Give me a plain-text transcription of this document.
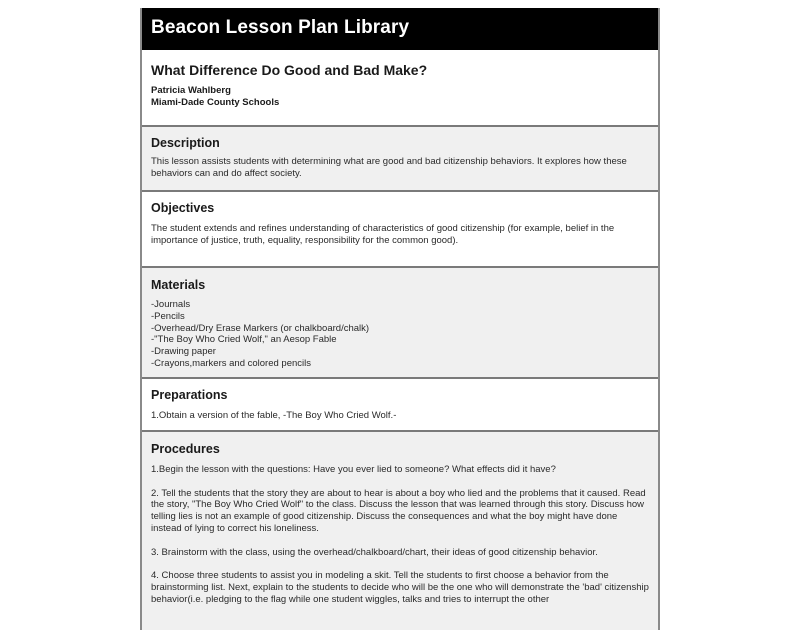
Beacon Lesson Plan Library
What Difference Do Good and Bad Make?
Patricia Wahlberg
Miami-Dade County Schools
Description
This lesson assists students with determining what are good and bad citizenship behaviors. It explores how these behaviors can and do affect society.
Objectives
The student extends and refines understanding of characteristics of good citizenship (for example, belief in the importance of justice, truth, equality, responsibility for the common good).
Materials
-Journals
-Pencils
-Overhead/Dry Erase Markers (or chalkboard/chalk)
-"The Boy Who Cried Wolf," an Aesop Fable
-Drawing paper
-Crayons,markers and colored pencils
Preparations
1.Obtain a version of the fable, -The Boy Who Cried Wolf.-
Procedures
1.Begin the lesson with the questions: Have you ever lied to someone? What effects did it have?
2. Tell the students that the story they are about to hear is about a boy who lied and the problems that it caused. Read the story, "The Boy Who Cried Wolf" to the class. Discuss the lesson that was learned through this story. Discuss how telling lies is not an example of good citizenship. Discuss the consequences and what the boy might have done instead of lying to correct his loneliness.
3. Brainstorm with the class, using the overhead/chalkboard/chart, their ideas of good citizenship behavior.
4. Choose three students to assist you in modeling a skit. Tell the students to first choose a behavior from the brainstorming list. Next, explain to the students to decide who will be the one who will demonstrate the 'bad' citizenship behavior(i.e. pledging to the flag while one student wiggles, talks and tries to interrupt the other
